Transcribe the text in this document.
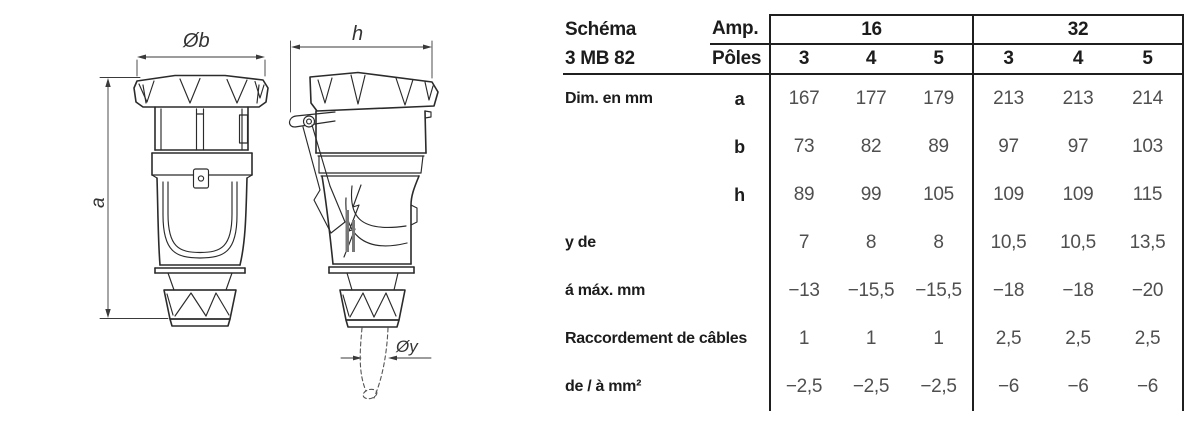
Øb
a
h
Øy
Schéma	Amp.	16			32		
3 MB 82	Pôles	3	4	5	3	4	5
Dim. en mm	a	167	177	179	213	213	214
	b	73	82	89	97	97	103
	h	89	99	105	109	109	115
y de		7	8	8	10,5	10,5	13,5
á máx. mm		−13	−15,5	−15,5	−18	−18	−20
Raccordement de câbles		1	1	1	2,5	2,5	2,5
de / à mm²		−2,5	−2,5	−2,5	−6	−6	−6
